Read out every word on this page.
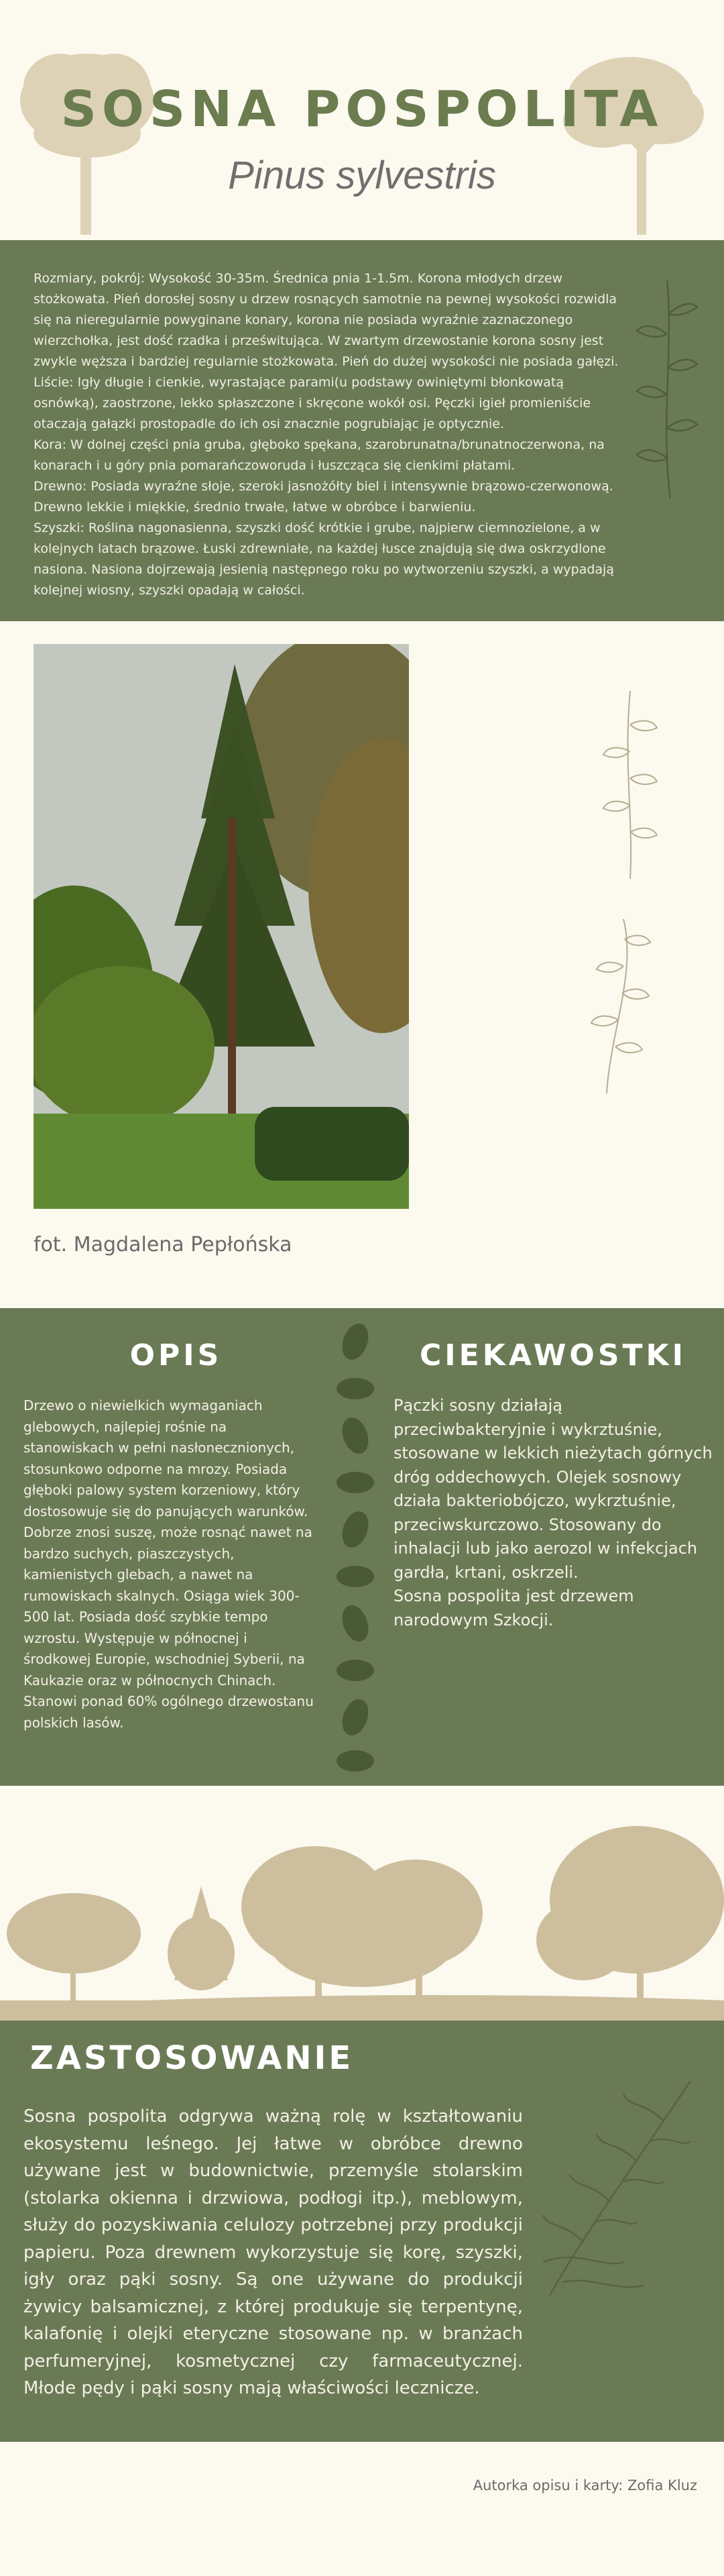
SOSNA POSPOLITA
Pinus sylvestris

Rozmiary, pokrój: Wysokość 30-35m. Średnica pnia 1-1.5m. Korona młodych drzew stożkowata. Pień dorosłej sosny u drzew rosnących samotnie na pewnej wysokości rozwidla się na nieregularnie powyginane konary, korona nie posiada wyraźnie zaznaczonego wierzchołka, jest dość rzadka i prześwitująca. W zwartym drzewostanie korona sosny jest zwykle węższa i bardziej regularnie stożkowata. Pień do dużej wysokości nie posiada gałęzi.

Liście: Igły długie i cienkie, wyrastające parami(u podstawy owiniętymi błonkowatą osnówką), zaostrzone, lekko spłaszczone i skręcone wokół osi. Pęczki igieł promieniście otaczają gałązki prostopadle do ich osi znacznie pogrubiając je optycznie.

Kora: W dolnej części pnia gruba, głęboko spękana, szarobrunatna/brunatnoczerwona, na konarach i u góry pnia pomarańczoworuda i łuszcząca się cienkimi płatami.

Drewno: Posiada wyraźne słoje, szeroki jasnożółty biel i intensywnie brązowo-czerwonową. Drewno lekkie i miękkie, średnio trwałe, łatwe w obróbce i barwieniu.

Szyszki: Roślina nagonasienna, szyszki dość krótkie i grube, najpierw ciemnozielone, a w kolejnych latach brązowe. Łuski zdrewniałe, na każdej łusce znajdują się dwa oskrzydlone nasiona. Nasiona dojrzewają jesienią następnego roku po wytworzeniu szyszki, a wypadają kolejnej wiosny, szyszki opadają w całości.

fot. Magdalena Pepłońska
OPIS	CIEKAWOSTKI
Drzewo o niewielkich wymaganiach glebowych, najlepiej rośnie na stanowiskach w pełni nasłonecznionych, stosunkowo odporne na mrozy. Posiada głęboki palowy system korzeniowy, który dostosowuje się do panujących warunków. Dobrze znosi suszę, może rosnąć nawet na bardzo suchych, piaszczystych, kamienistych glebach, a nawet na rumowiskach skalnych. Osiąga wiek 300-500 lat. Posiada dość szybkie tempo wzrostu. Występuje w północnej i środkowej Europie, wschodniej Syberii, na Kaukazie oraz w północnych Chinach. Stanowi ponad 60% ogólnego drzewostanu polskich lasów.
Pączki sosny działają przeciwbakteryjnie i wykrztuśnie, stosowane w lekkich nieżytach górnych dróg oddechowych. Olejek sosnowy działa bakteriobójczo, wykrztuśnie, przeciwskurczowo. Stosowany do inhalacji lub jako aerozol w infekcjach gardła, krtani, oskrzeli.
Sosna pospolita jest drzewem narodowym Szkocji.
ZASTOSOWANIE
Sosna pospolita odgrywa ważną rolę w kształtowaniu ekosystemu leśnego. Jej łatwe w obróbce drewno używane jest w budownictwie, przemyśle stolarskim (stolarka okienna i drzwiowa, podłogi itp.), meblowym, służy do pozyskiwania celulozy potrzebnej przy produkcji papieru. Poza drewnem wykorzystuje się korę, szyszki, igły oraz pąki sosny. Są one używane do produkcji żywicy balsamicznej, z której produkuje się terpentynę, kalafonię i olejki eteryczne stosowane np. w branżach perfumeryjnej, kosmetycznej czy farmaceutycznej. Młode pędy i pąki sosny mają właściwości lecznicze.
Autorka opisu i karty: Zofia Kluz
